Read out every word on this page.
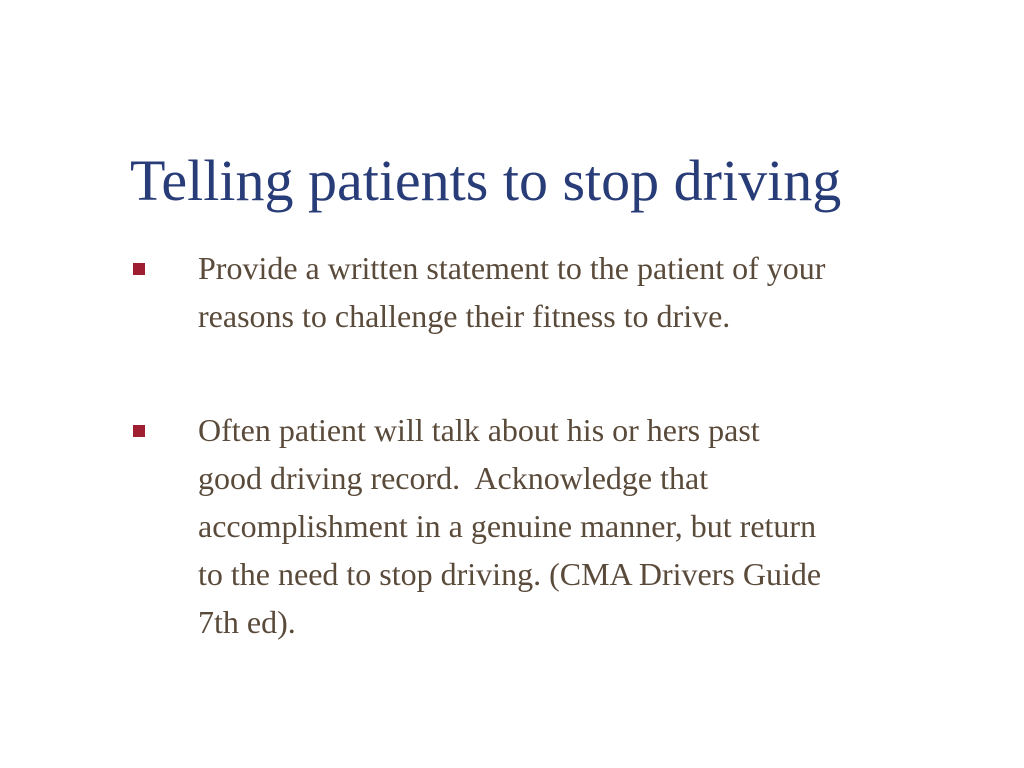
Telling patients to stop driving
Provide a written statement to the patient of your
reasons to challenge their fitness to drive.
Often patient will talk about his or hers past
good driving record.  Acknowledge that
accomplishment in a genuine manner, but return
to the need to stop driving. (CMA Drivers Guide
7th ed).
